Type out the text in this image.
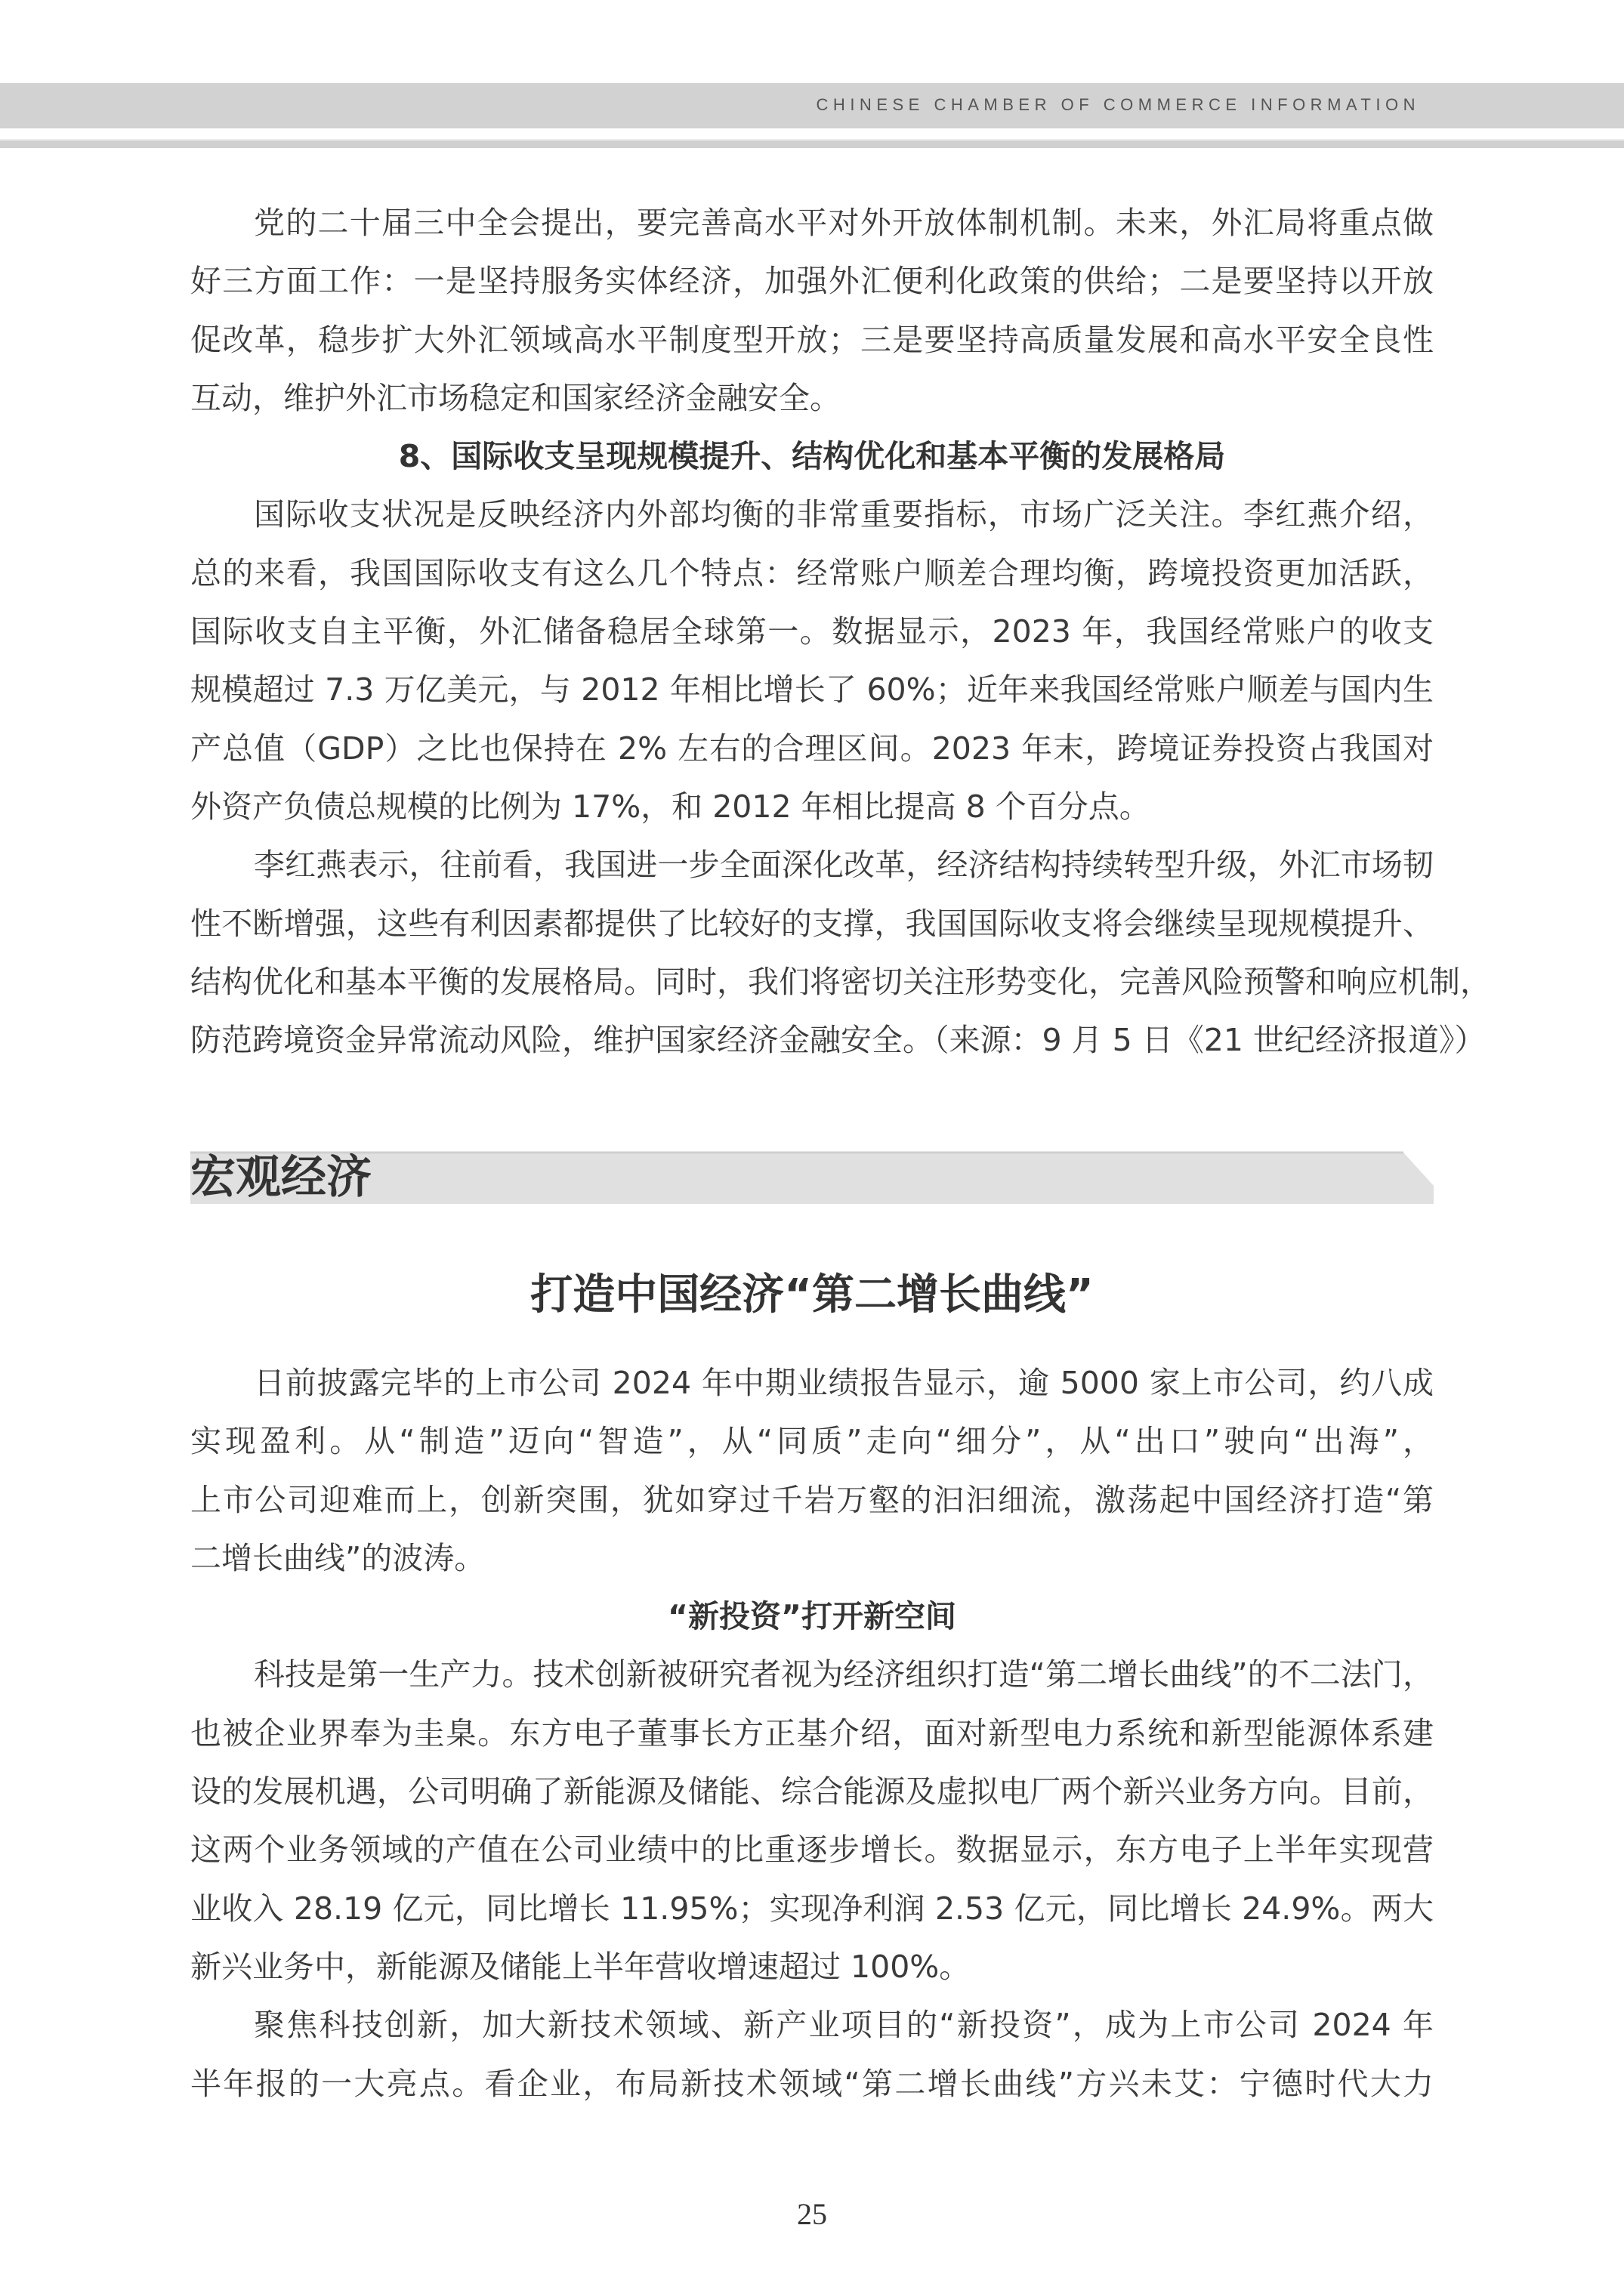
CHINESE CHAMBER OF COMMERCE INFORMATION
党的二十届三中全会提出，要完善高水平对外开放体制机制。未来，外汇局将重点做
好三方面工作：一是坚持服务实体经济，加强外汇便利化政策的供给；二是要坚持以开放
促改革，稳步扩大外汇领域高水平制度型开放；三是要坚持高质量发展和高水平安全良性
互动，维护外汇市场稳定和国家经济金融安全。
8、国际收支呈现规模提升、结构优化和基本平衡的发展格局
国际收支状况是反映经济内外部均衡的非常重要指标，市场广泛关注。李红燕介绍，
总的来看，我国国际收支有这么几个特点：经常账户顺差合理均衡，跨境投资更加活跃，
国际收支自主平衡，外汇储备稳居全球第一。数据显示，2023 年，我国经常账户的收支
规模超过 7.3 万亿美元，与 2012 年相比增长了 60%；近年来我国经常账户顺差与国内生
产总值（GDP）之比也保持在 2% 左右的合理区间。2023 年末，跨境证券投资占我国对
外资产负债总规模的比例为 17%，和 2012 年相比提高 8 个百分点。
李红燕表示，往前看，我国进一步全面深化改革，经济结构持续转型升级，外汇市场韧
性不断增强，这些有利因素都提供了比较好的支撑，我国国际收支将会继续呈现规模提升、
结构优化和基本平衡的发展格局。同时，我们将密切关注形势变化，完善风险预警和响应机制，
防范跨境资金异常流动风险，维护国家经济金融安全。（来源：9 月 5 日《21 世纪经济报道》）
宏观经济
打造中国经济“第二增长曲线”
日前披露完毕的上市公司 2024 年中期业绩报告显示，逾 5000 家上市公司，约八成
实现盈利。从“制造”迈向“智造”，从“同质”走向“细分”，从“出口”驶向“出海”，
上市公司迎难而上，创新突围，犹如穿过千岩万壑的汩汩细流，激荡起中国经济打造“第
二增长曲线”的波涛。
“新投资”打开新空间
科技是第一生产力。技术创新被研究者视为经济组织打造“第二增长曲线”的不二法门，
也被企业界奉为圭臬。东方电子董事长方正基介绍，面对新型电力系统和新型能源体系建
设的发展机遇，公司明确了新能源及储能、综合能源及虚拟电厂两个新兴业务方向。目前，
这两个业务领域的产值在公司业绩中的比重逐步增长。数据显示，东方电子上半年实现营
业收入 28.19 亿元，同比增长 11.95%；实现净利润 2.53 亿元，同比增长 24.9%。两大
新兴业务中，新能源及储能上半年营收增速超过 100%。
聚焦科技创新，加大新技术领域、新产业项目的“新投资”，成为上市公司 2024 年
半年报的一大亮点。看企业，布局新技术领域“第二增长曲线”方兴未艾：宁德时代大力
25
